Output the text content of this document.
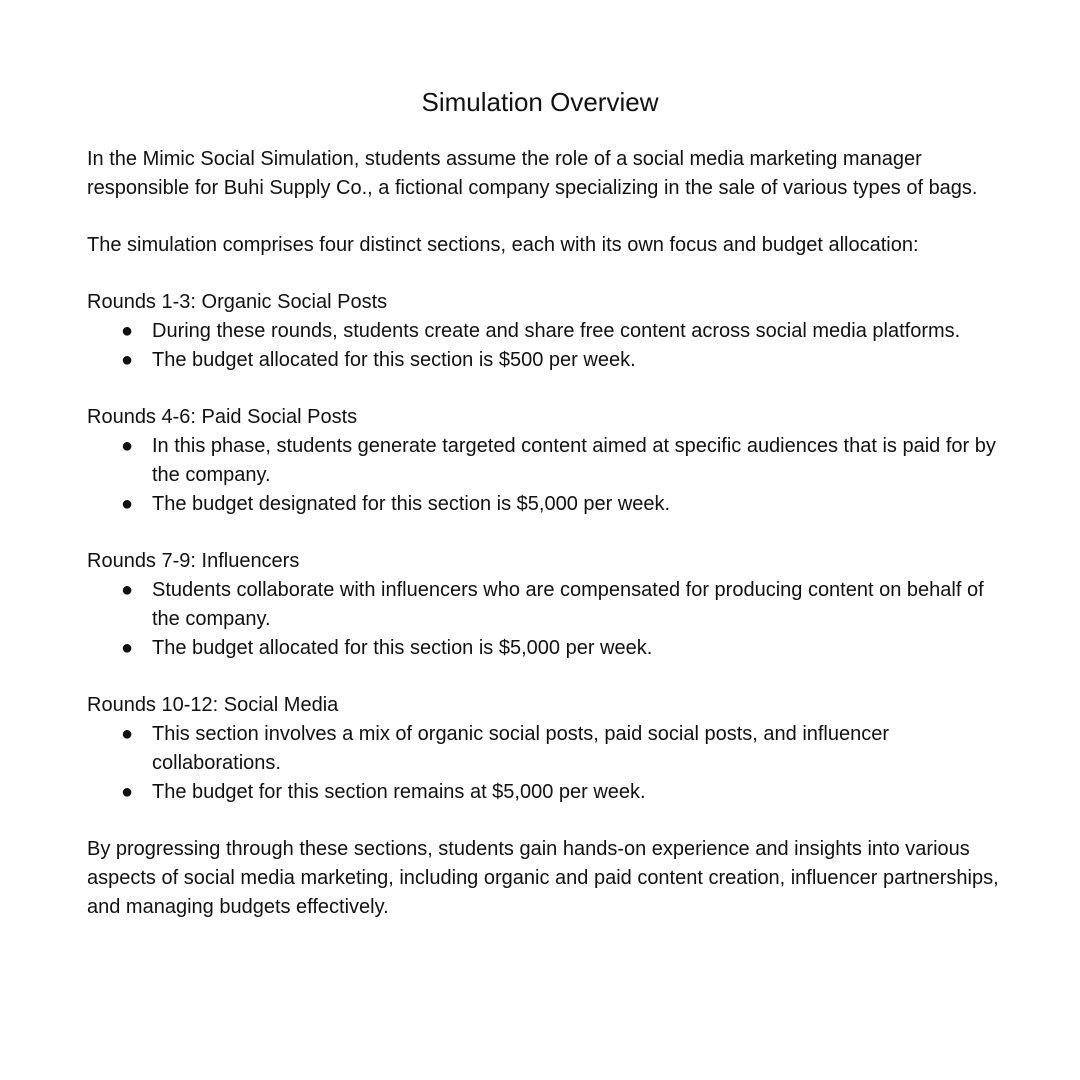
Simulation Overview

In the Mimic Social Simulation, students assume the role of a social media marketing manager responsible for Buhi Supply Co., a fictional company specializing in the sale of various types of bags.

The simulation comprises four distinct sections, each with its own focus and budget allocation:

Rounds 1-3: Organic Social Posts
● During these rounds, students create and share free content across social media platforms.
● The budget allocated for this section is $500 per week.
Rounds 4-6: Paid Social Posts
● In this phase, students generate targeted content aimed at specific audiences that is paid for by the company.
● The budget designated for this section is $5,000 per week.
Rounds 7-9: Influencers
● Students collaborate with influencers who are compensated for producing content on behalf of the company.
● The budget allocated for this section is $5,000 per week.
Rounds 10-12: Social Media
● This section involves a mix of organic social posts, paid social posts, and influencer collaborations.
● The budget for this section remains at $5,000 per week.

By progressing through these sections, students gain hands-on experience and insights into various aspects of social media marketing, including organic and paid content creation, influencer partnerships, and managing budgets effectively.
